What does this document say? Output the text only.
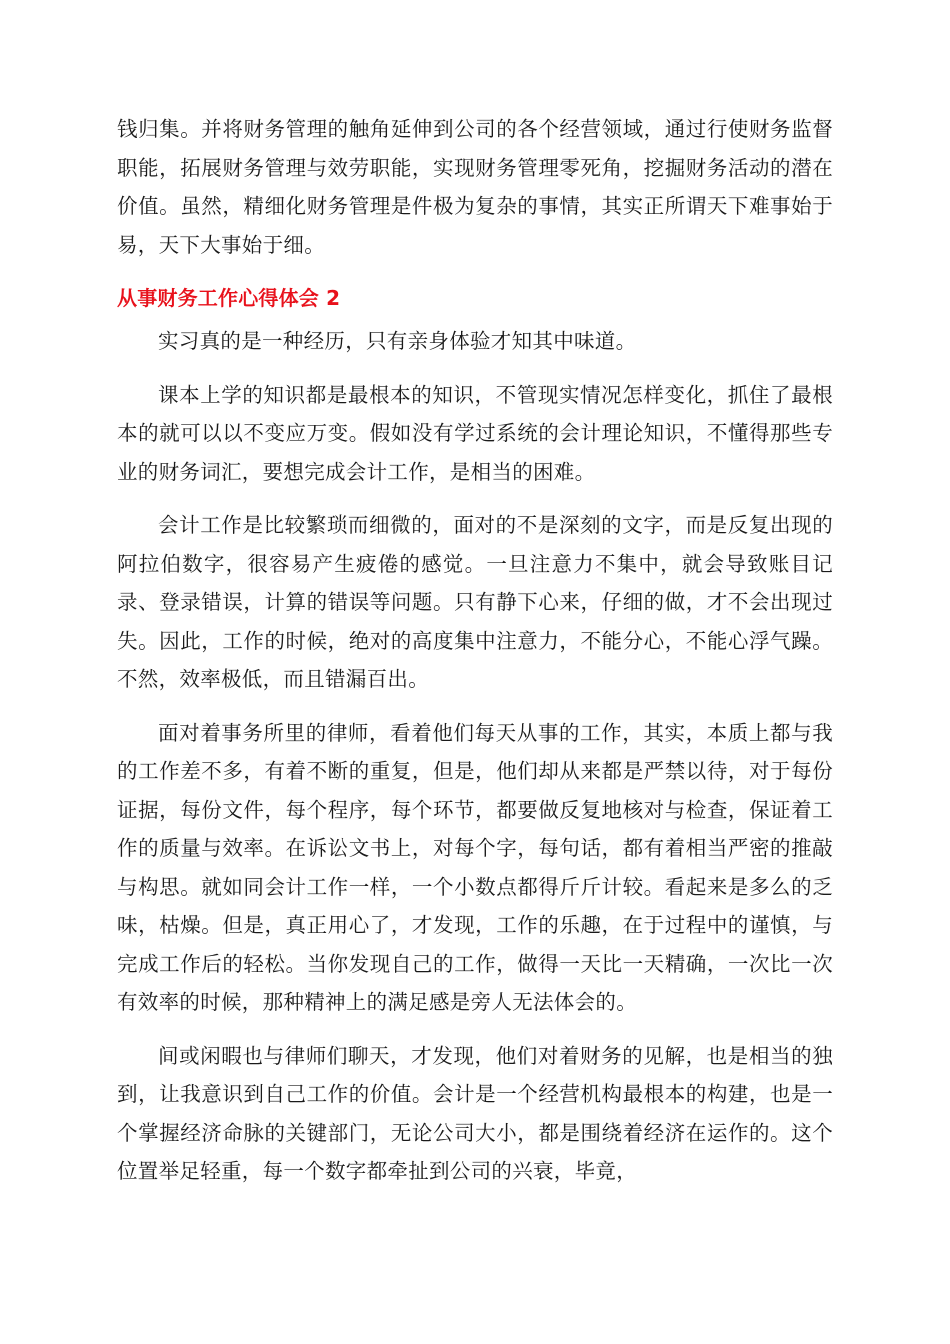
钱归集。并将财务管理的触角延伸到公司的各个经营领域，通过行使财务监督职能，拓展财务管理与效劳职能，实现财务管理零死角，挖掘财务活动的潜在价值。虽然，精细化财务管理是件极为复杂的事情，其实正所谓天下难事始于易，天下大事始于细。

从事财务工作心得体会 2

实习真的是一种经历，只有亲身体验才知其中味道。

课本上学的知识都是最根本的知识，不管现实情况怎样变化，抓住了最根本的就可以以不变应万变。假如没有学过系统的会计理论知识，不懂得那些专业的财务词汇，要想完成会计工作，是相当的困难。

会计工作是比较繁琐而细微的，面对的不是深刻的文字，而是反复出现的阿拉伯数字，很容易产生疲倦的感觉。一旦注意力不集中，就会导致账目记录、登录错误，计算的错误等问题。只有静下心来，仔细的做，才不会出现过失。因此，工作的时候，绝对的高度集中注意力，不能分心，不能心浮气躁。不然，效率极低，而且错漏百出。

面对着事务所里的律师，看着他们每天从事的工作，其实，本质上都与我的工作差不多，有着不断的重复，但是，他们却从来都是严禁以待，对于每份证据，每份文件，每个程序，每个环节，都要做反复地核对与检查，保证着工作的质量与效率。在诉讼文书上，对每个字，每句话，都有着相当严密的推敲与构思。就如同会计工作一样，一个小数点都得斤斤计较。看起来是多么的乏味，枯燥。但是，真正用心了，才发现，工作的乐趣，在于过程中的谨慎，与完成工作后的轻松。当你发现自己的工作，做得一天比一天精确，一次比一次有效率的时候，那种精神上的满足感是旁人无法体会的。

间或闲暇也与律师们聊天，才发现，他们对着财务的见解，也是相当的独到，让我意识到自己工作的价值。会计是一个经营机构最根本的构建，也是一个掌握经济命脉的关键部门，无论公司大小，都是围绕着经济在运作的。这个位置举足轻重，每一个数字都牵扯到公司的兴衰，毕竟，
